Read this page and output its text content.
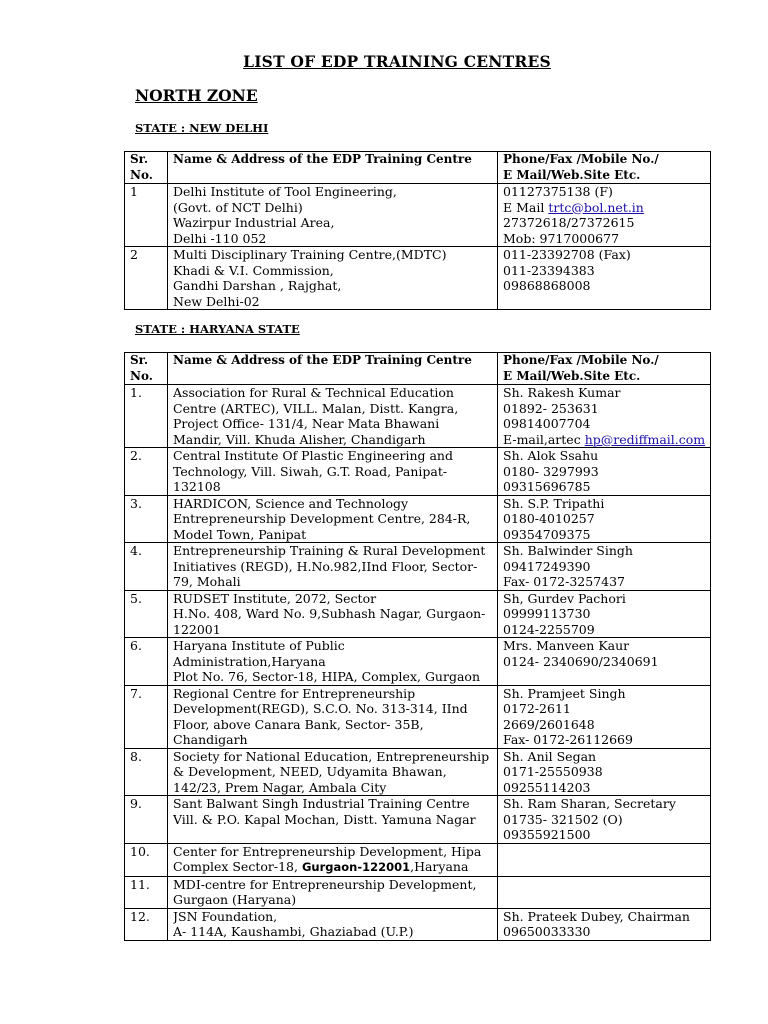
LIST OF EDP TRAINING CENTRES
NORTH ZONE
STATE : NEW DELHI
Sr.
No.	Name & Address of the EDP Training Centre	Phone/Fax /Mobile No./
E Mail/Web.Site Etc.

1	Delhi Institute of Tool Engineering,
(Govt. of NCT Delhi)
Wazirpur Industrial Area,
Delhi -110 052	01127375138 (F)
E Mail trtc@bol.net.in
27372618/27372615
Mob: 9717000677

2	Multi Disciplinary Training Centre,(MDTC)
Khadi & V.I. Commission,
Gandhi Darshan , Rajghat,
New Delhi-02	011-23392708 (Fax)
011-23394383
09868868008
STATE : HARYANA STATE
Sr.
No.	Name & Address of the EDP Training Centre	Phone/Fax /Mobile No./
E Mail/Web.Site Etc.

1.	Association for Rural & Technical Education
Centre (ARTEC), VILL. Malan, Distt. Kangra,
Project Office- 131/4, Near Mata Bhawani
Mandir, Vill. Khuda Alisher, Chandigarh	Sh. Rakesh Kumar
01892- 253631
09814007704
E-mail,artec hp@rediffmail.com

2.	Central Institute Of Plastic Engineering and
Technology, Vill. Siwah, G.T. Road, Panipat-
132108	Sh. Alok Ssahu
0180- 3297993
09315696785

3.	HARDICON, Science and Technology
Entrepreneurship Development Centre, 284-R,
Model Town, Panipat	Sh. S.P. Tripathi
0180-4010257
09354709375

4.	Entrepreneurship Training & Rural Development
Initiatives (REGD), H.No.982,IInd Floor, Sector-
79, Mohali	Sh. Balwinder Singh
09417249390
Fax- 0172-3257437

5.	RUDSET Institute, 2072, Sector
H.No. 408, Ward No. 9,Subhash Nagar, Gurgaon-
122001	Sh, Gurdev Pachori
09999113730
0124-2255709

6.	Haryana Institute of Public
Administration,Haryana
Plot No. 76, Sector-18, HIPA, Complex, Gurgaon	Mrs. Manveen Kaur
0124- 2340690/2340691

7.	Regional Centre for Entrepreneurship
Development(REGD), S.C.O. No. 313-314, IInd
Floor, above Canara Bank, Sector- 35B,
Chandigarh	Sh. Pramjeet Singh
0172-2611
2669/2601648
Fax- 0172-26112669

8.	Society for National Education, Entrepreneurship
& Development, NEED, Udyamita Bhawan,
142/23, Prem Nagar, Ambala City	Sh. Anil Segan
0171-25550938
09255114203

9.	Sant Balwant Singh Industrial Training Centre
Vill. & P.O. Kapal Mochan, Distt. Yamuna Nagar	Sh. Ram Sharan, Secretary
01735- 321502 (O)
09355921500

10.	Center for Entrepreneurship Development, Hipa
Complex Sector-18, Gurgaon-122001,Haryana	

11.	MDI-centre for Entrepreneurship Development,
Gurgaon (Haryana)	

12.	JSN Foundation,
A- 114A, Kaushambi, Ghaziabad (U.P.)	Sh. Prateek Dubey, Chairman
09650033330
